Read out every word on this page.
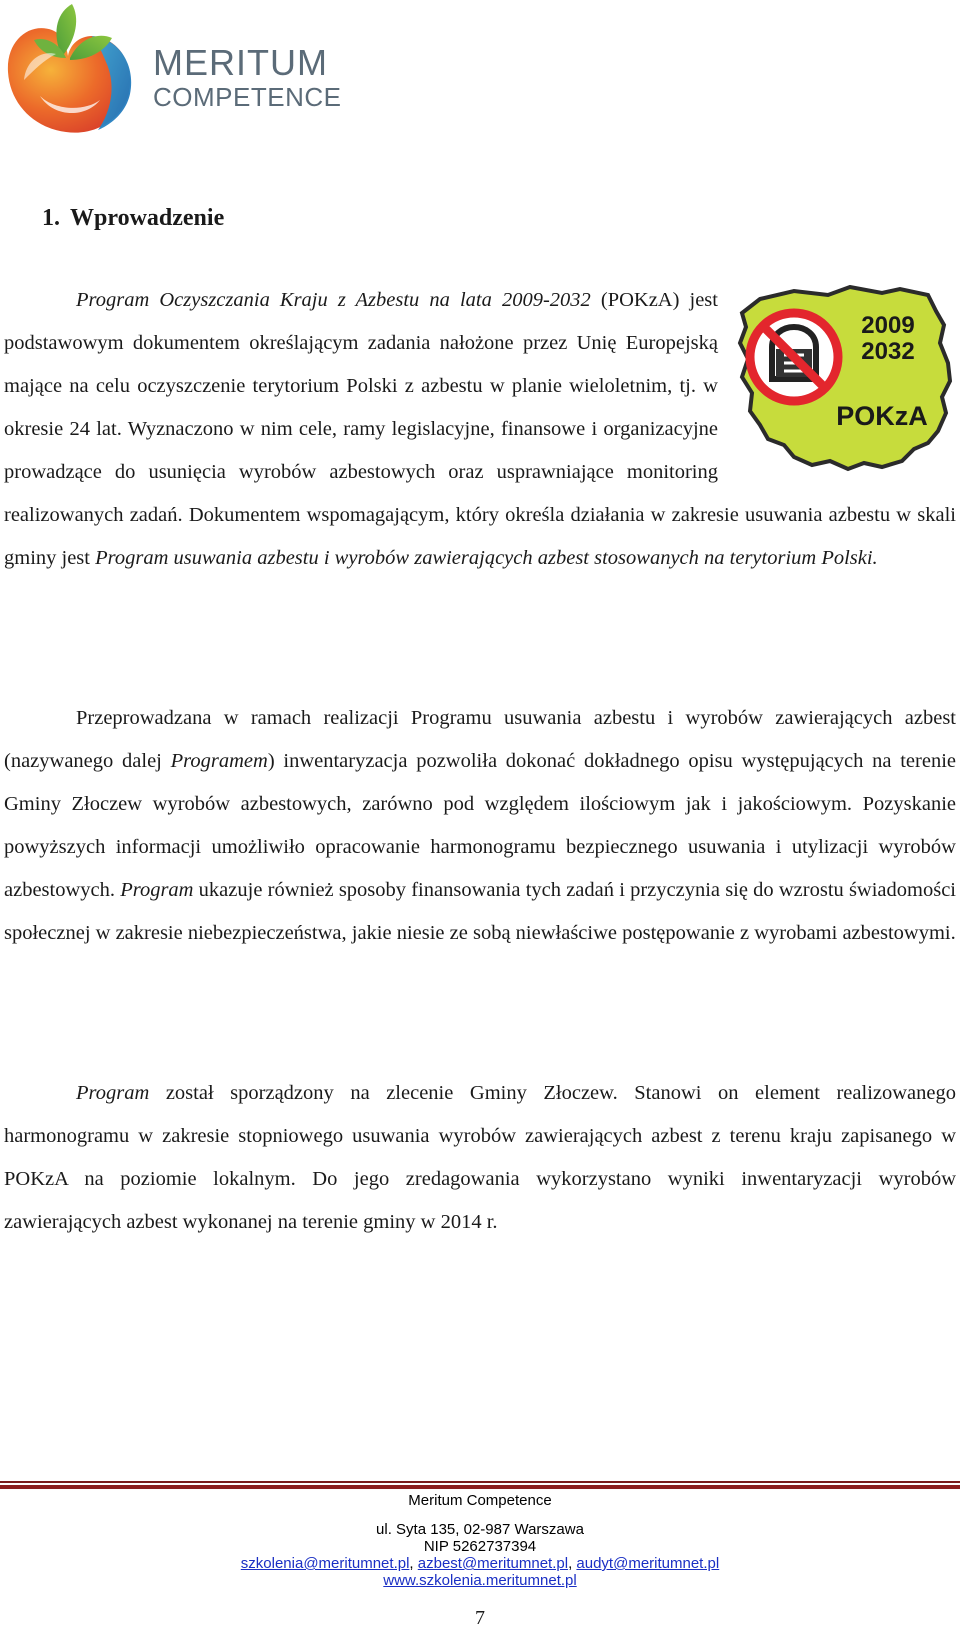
MERITUM
COMPETENCE
1. Wprowadzenie

2009
2032
POKzA
Program Oczyszczania Kraju z Azbestu na lata 2009-2032 (POKzA) jest podstawowym dokumentem określającym zadania nałożone przez Unię Europejską mające na celu oczyszczenie terytorium Polski z azbestu w planie wieloletnim, tj. w okresie 24 lat. Wyznaczono w nim cele, ramy legislacyjne, finansowe i organizacyjne prowadzące do usunięcia wyrobów azbestowych oraz usprawniające monitoring realizowanych zadań. Dokumentem wspomagającym, który określa działania w zakresie usuwania azbestu w skali gminy jest Program usuwania azbestu i wyrobów zawierających azbest stosowanych na terytorium Polski.

Przeprowadzana w ramach realizacji Programu usuwania azbestu i wyrobów zawierających azbest (nazywanego dalej Programem) inwentaryzacja pozwoliła dokonać dokładnego opisu występujących na terenie Gminy Złoczew wyrobów azbestowych, zarówno pod względem ilościowym jak i jakościowym. Pozyskanie powyższych informacji umożliwiło opracowanie harmonogramu bezpiecznego usuwania i utylizacji wyrobów azbestowych. Program ukazuje również sposoby finansowania tych zadań i przyczynia się do wzrostu świadomości społecznej w zakresie niebezpieczeństwa, jakie niesie ze sobą niewłaściwe postępowanie z wyrobami azbestowymi.

Program został sporządzony na zlecenie Gminy Złoczew. Stanowi on element realizowanego harmonogramu w zakresie stopniowego usuwania wyrobów zawierających azbest z terenu kraju zapisanego w POKzA na poziomie lokalnym. Do jego zredagowania wykorzystano wyniki inwentaryzacji wyrobów zawierających azbest wykonanej na terenie gminy w 2014 r.

Meritum Competence
ul. Syta 135, 02-987 Warszawa
NIP 5262737394
szkolenia@meritumnet.pl, azbest@meritumnet.pl, audyt@meritumnet.pl
www.szkolenia.meritumnet.pl
7
